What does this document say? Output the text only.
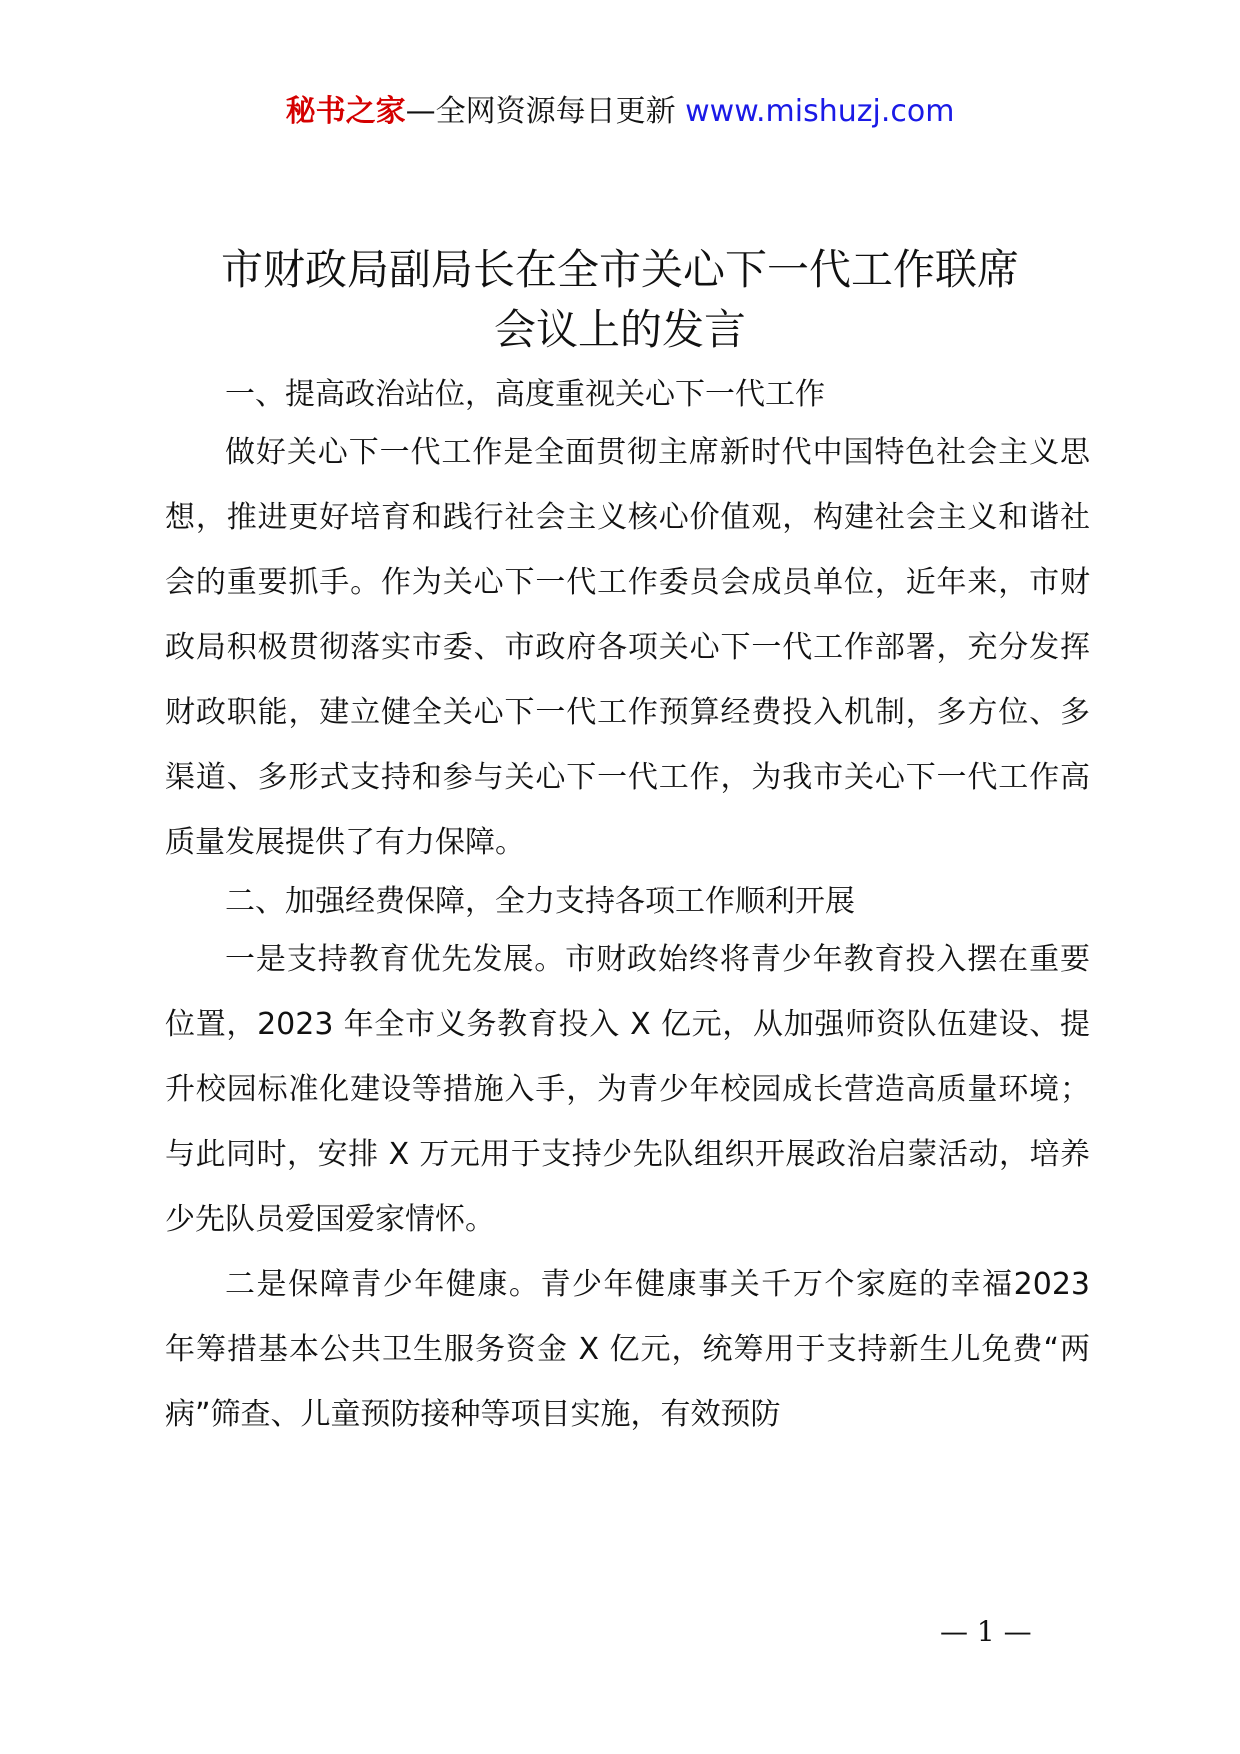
秘书之家—全网资源每日更新 www.mishuzj.com
市财政局副局长在全市关心下一代工作联席
会议上的发言

一、提高政治站位，高度重视关心下一代工作

做好关心下一代工作是全面贯彻主席新时代中国特色社会主义思想，推进更好培育和践行社会主义核心价值观，构建社会主义和谐社会的重要抓手。作为关心下一代工作委员会成员单位，近年来，市财政局积极贯彻落实市委、市政府各项关心下一代工作部署，充分发挥财政职能，建立健全关心下一代工作预算经费投入机制，多方位、多渠道、多形式支持和参与关心下一代工作，为我市关心下一代工作高质量发展提供了有力保障。

二、加强经费保障，全力支持各项工作顺利开展

一是支持教育优先发展。市财政始终将青少年教育投入摆在重要位置，2023 年全市义务教育投入 X 亿元，从加强师资队伍建设、提升校园标准化建设等措施入手，为青少年校园成长营造高质量环境；与此同时，安排 X 万元用于支持少先队组织开展政治启蒙活动，培养少先队员爱国爱家情怀。

二是保障青少年健康。青少年健康事关千万个家庭的幸福2023 年筹措基本公共卫生服务资金 X 亿元，统筹用于支持新生儿免费“两病”筛查、儿童预防接种等项目实施，有效预防

— 1 —
